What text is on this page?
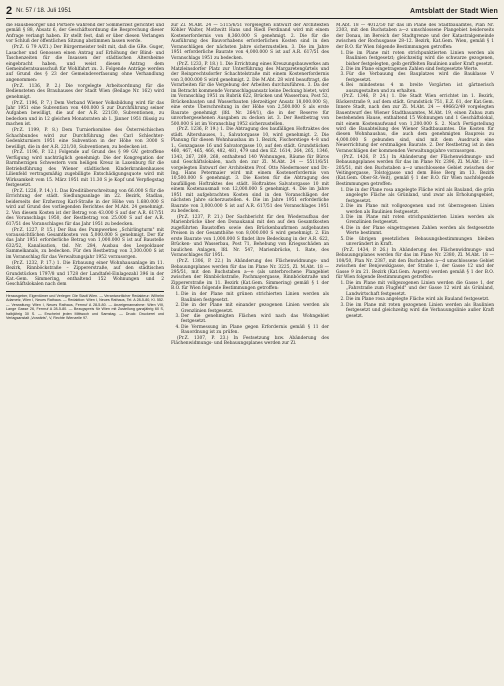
2 Nr. 57 / 18. Juli 1951	Amtsblatt der Stadt Wien

die Hausbesorger und Portiere während der Sommerzeit gerichtet und gemäß § 88, Absatz 6, der Geschäftsordnung die Besprechung dieser Anfrage verlangt haben. Er stellt fest, daß er über diesen Verlangen vor Schluß der öffentlichen Sitzung abstimmen lassen werde.

(Pr.Z. G 79 A/Z1.) Der Bürgermeister teilt mit, daß die GRe. Guger, Lasacher und Genossen einen Antrag auf Erhöhung der Blind- und Taschenzeiten für die Insassen der städtischen Altersheime eingebracht haben, und weist diesen Antrag dem Gemeinderatsausschuß für Wohlfahrt zu. 3. Folgende Anträge werden auf Grund des § 23 der Gemeindeverfassung ohne Verhandlung angenommen:

(Pr.Z. 1136, P. 2.) Die vorgelegte Arbeitsordnung für die Bediensteten des Brauhauses der Stadt Wien (Beilage Nr. 162) wird genehmigt.

(Pr.Z. 1196, P. 7.) Dem Verband Wiener Volksbildung wird für das Jahr 1951 eine Subvention von 400.000 S zur Durchführung seiner Aufgaben bewilligt, die auf der A.R. 221/30, Subventionen, zu bedecken und in 12 gleichen Monatsraten ab 1. Jänner 1951 flüssig zu machen ist.

(Pr.Z. 1199, P. 8.) Dem Turnierkomitee des Österreichischen Schachbundes wird zur Durchführung des Carl Schlechter-Gedenkturniers 1951 eine Subvention in der Höhe von 3000 S bewilligt, die in der A.R. 221/30, Subventionen, zu bedecken ist.

(Pr.Z. 1196, P. 12.) Folgende auf Grund des § 99 GV. getroffene Verfügung wird nachträglich genehmigt: Die der Kongregation der Barmherzigen Schwestern vom heiligen Kreuz in Laxenburg für die Betriebsführung des Wiener städtischen Kinderkrankenhauses Lilienfeld vertragsmäßig zugebilligte Entschädigungsquote wird mit Wirksamkeit vom 15. März 1951 mit 11.30 S je Kopf und Verpflegstag festgesetzt.

(Pr.Z. 1226, P. 14.) 1. Das Kreditüberschreitung von 66.000 S für die Errichtung der städt. Siedlungsanlage im 22. Bezirk, Stadlau, beiderseits der Erzherzog Karl-Straße in der Höhe von 1.680.000 S wird auf Grund des vorliegenden Berichtes der M.Abt. 24 genehmigt. 2. Von diesem Kosten ist der Betrag von 43.000 S auf der A.R. 617/51 des Voranschlags 1950, der Restbetrag von 25.000 S auf der A.R. 617/51 des Voranschlages für das Jahr 1951 zu bedecken.

(Pr.Z. 1227, P. 15.) Der Bau des Pumpwerkes „Schirlingturm" mit voraussichtlichen Gesamtkosten von 5,000.000 S genehmigt. Der für das Jahr 1951 erforderliche Betrag von 1,000.000 S ist auf Baustelle 632/52, Kanalisation, tlsl. Nr. 284, Ausbau des Leopoldauer Sammelkanals, zu bedecken. Für den Restbetrag von 3,300.000 S ist im Voranschlag für das Verwaltungsjahr 1952 vorzusorgen.

(Pr.Z. 1232, P. 17.) 1. Die Erbauung einer Wohnhausanlage im 11. Bezirk, Rinnböckstraße – Zippererstraße, auf den städtischen Grundstücken 1797/8 und 1728 der Landtafel-Einlagezahl 396 in der Kat.-Gem. Simmering, enthaltend 152 Wohnungen und 2 Geschäftslokalen nach dem

Herausgeber, Eigentümer und Verleger: Die Stadt Wien. — Verantwortlicher Redakteur: Wilhelm Adametz, Wien I, Neues Rathaus. — Redaktion: Wien I, Neues Rathaus, Tel. A 28-5-80, Kl. 552. — Verwaltung: Wien I, Neues Rathaus, Fernruf A 28-5-80. — Anzeigenannahme: Wien VIII, Lange Gasse 26, Fernruf A 28-5-80. — Bezugspreis für Wien mit Zustellung ganzjährig 60 S, halbjährig 30 S. — Erscheint jeden Mittwoch und Samstag. — Druck: Druckerei und Verlagsanstalt „Vorwärts", V, Rechte Wienzeile 97.

zur Zl. M.Abt. 24 — 5115/6/51 vorgelegten Entwurf der Architekten Köhler Walter, Mothwitt Hans und Riedl Ferdinand wird mit einem Kostenerfordernis von 8,360.000 S genehmigt. 2. Die für die Ausführung des Bauvorhabens erforderlichen Kosten sind in den Voranschlägen der nächsten Jahre sicherzustellen. 3. Die im Jahre 1951 erforderliche Baurate von 4,000.000 S ist auf A.R. 617/51 des Voranschlags 1951 zu bedecken.

(Pr.Z. 1233, P. 18.) 1. Die Errichtung eines Kreuzungsbauwerkes am Matzleinsdorfer Platz zur Unterführung des Margaretengürtels und der Reinprechtsdorfer Schachtelstraße mit einem Kostenerfordernis von 3,000.000 S wird genehmigt. 2. Die M.Abt. 28 wird beauftragt, die Vorarbeiten für die Vergebung der Arbeiten durchzuführen. 3. Da der im Betracht kommende Voranschlagsansatz keine Deckung bietet, wird im Voranschlag 1951 zu Rubrik 622, Brücken und Wasserbau, Post 52, Brückenbauten und Wasserbauten (derzeitiger Ansatz 18,000.000 S), eine erste Überschreitung in der Höhe von 2,500.000 S als erste Baurate genehmigt (lfd. Nr. 264/1), die in der Reserve für unvorhergesehenen Ausgaben zu decken ist. 3. Der Restbetrag von 500.000 S ist im Voranschlag 1952 sicherzustellen.

(Pr.Z. 1236, P. 19.) 1. Die Abtragung des baufälligen Hoftraktes des städt. Altershauses, 1., Salvatorgasse 10, wird genehmigt. 2. Die Planung für diesen Wohnhausbau im 1. Bezirk, Fischerstiege 4–8 und 1., Gonzagasse 16 und Salvatorgasse 10, auf den städt. Grundstücken 460, 467, 465, 466, 482, 481, 479 und den EZ. 1614, 264, 265, 1346, 1343, 267, 269, 268, enthaltend 140 Wohnungen, Räume für Büros und Geschäftslokalen, nach den zur Zl. M.Abt. 24 — 5511/6/51 vorgelegten Entwurf der Architekten Prof. Otto Niedermoser und Dr.-Ing. Hans Petermaier wird mit einem Kostenerfordernis von 10,500.000 S genehmigt. 3. Die Kosten für die Abtragung des baufälligen Hoftraktes des städt. Hoftraktes Salvatorgasse 10 mit einem Kostenausmaß von 12,000.000 S genehmigt. 4. Die im Jahre 1951 mit aufgebrachten Kosten sind in den Voranschlägen der nächsten Jahre sicherzustellen. 4. Die im Jahre 1951 erforderliche Baurate von 3,000.000 S ist auf A.R. 617/51 des Voranschlages 1951 zu bedecken.

(Pr.Z. 1237, P. 21.) Der Sachbericht für den Wiederaufbau der Marienbrücke über den Donaukanal mit den auf den Gesamtkosten zugeführten Baustoffen sowie den Brückenbaufirmen aufgebauten Preisen in der Gesamthöhe von 8,000.000 S wird genehmigt. 2. Ein erste Baurate von 1,000.000 S findet ihre Bedeckung in der A.R. 622, Brücken- und Wasserbau, Post 71, Behebung von Kriegsschäden an baulichen Anlagen, lfd. Nr. 547, Marienbrücke, 1. Rate, des Voranschlages für 1951.

(Pr.Z. 1306, P. 22.) In Abänderung des Flächenwidmungs- und Bebauungsplanes werden für das im Plane Nr. 3225, Zl. M.Abt. 18 — 295/51, mit den Buchstaben a—e (als unterbrochene Plangebiet zwischen der Rinnböckstraße, Pachmayergasse, Rinnböckstraße und Zippererstraße im 11. Bezirk (Kat.Gem. Simmering) gemäß § 1 der B.O. für Wien folgende Bestimmungen getroffen:

1. Die in der Plane mit grünen strichierten Linien werden als Baulinien festgesetzt.
2. Die in der Plane mit einander gezogenen Linien werden als Grenzlinien festgesetzt.
3. Der die genehmigten Flächen wird nach das Wohngebiet festgesetzt.
4. Die Vermessung im Plane gegen Erfordernis gemäß § 11 der Bauordnung ist zu prüfen.

(Pr.Z. 1307, P. 23.) In Festsetzung bzw. Abänderung des Flächenwidmungs- und Bebauungsplanes werden zur Zl.

M.Abt. 18 — 4012/50 für das im Plane des Stadtbauamtes, Plan Nr. 2303, mit den Buchstaben a—z umschlossene Plangebiet beiderseits der Donau, im Bereich der Stadtgrenze und der Katastralgemeinde zwischen der Rochusgasse 28–12. Bezirk, Kat.Gem. Wien, gemäß § 1 der B.O. für Wien folgende Bestimmungen getroffen:

1. Die im Plane mit roten strichpunktierten Linien werden als Baulinien festgesetzt; gleichzeitig wird die schwarze gezogenen, bisher festgelegten, gelb geriffelten Baulinien außer Kraft gesetzt.
2. Die im Plane eingetragenen Zahlen sind festgesetzte Werte.
3. Für die Verbauung des Bauplatzes wird die Bauklasse V festgesetzt.
4. Bei mindestens 4 m breite Vorgärten ist gärtnerisch auszugestalten und zu erhalten.

(Pr.Z. 1346, P. 24.) 1. Die Stadt Wien errichtet im 1. Bezirk, Bäckerstraße 9, auf dem städt. Grundstück 751, E.Z. 61, der Kat.Gem. Innere Stadt, nach den zur Zl. M.Abt. 24 — 4966/2/49 vorgelegten Bauentwurf des Wiener Stadtbauamtes, M.Abt. 19, einen Zubau zum bestehenden Hause, enthaltend 15 Wohnungen und 1 Geschäftslokal, mit einem Kostenaufwand von 1,200.000 S. 2. Nach Fertigstellung wird die Bauabteilung des Wiener Stadtbauamtes. Die Kosten für diesen Wohnhausbau, die auch dem genehmigten Baupreis zu 4,000.000 S gebunden sind, sind mit dem Ausdruck eine Neuerrichtung der erstmaligen Baurate. 2. Der Restbetrag ist in den Voranschlägen der kommenden Verwaltungsjahre vorzusorgen.

(Pr.Z. 1426, P. 25.) In Abänderung der Flächenwidmungs- und Bebauungsplanes werden für das im Plane Nr. 2396, Zl. M.Abt. 18 — 205/51, mit den Buchstaben a—z umschlossene Gebiet zwischen der Veitingergasse, Tolstojgasse und dem Böse Berg im 13. Bezirk (Kat.Gem. Ober-St.-Veit), gemäß § 1 der B.O. für Wien nachfolgende Bestimmungen getroffen:

1. Die in der Plane rosa angelegte Fläche wird als Bauland, die grün angelegte Fläche als Grünland, und zwar als Erholungsgebiet, festgesetzt.
2. Die im Plane mit vollgezogenen und rot überzogenen Linien werden als Baulinien festgesetzt.
3. Die im Plane mit roten strichpunktierten Linien werden als Grenzlinien festgesetzt.
4. Die in der Plane eingetragenen Zahlen werden als festgesetzte Werte bestimmt.
5. Die übrigen gesetzlichen Bebauungsbestimmungen bleiben unverändert in Kraft.

(Pr.Z. 1434, P. 26.) In Abänderung des Flächenwidmungs- und Bebauungsplanes werden für das im Plane Nr. 2380, Zl. M.Abt. 18 — 108/50, Plan Nr. 2387, mit den Buchstaben a—d umschlossene Gebiet zwischen der Benjowskigasse, der Straße 1, der Gasse 12 und der Gasse 9 im 21. Bezirk (Kat.Gem. Aspern) werden gemäß § 1 der B.O. für Wien folgende Bestimmungen getroffen:

1. Die im Plane mit vollgezogenen Linien werden die Gasse 1, der „Fahrstraße zum Flugfeld" und der Gasse 12 wird als Grünland, Landwirtschaft festgesetzt.
2. Die im Plane rosa angelegte Fläche wird als Bauland festgesetzt.
3. Die im Plane mit roten gezogenen Linien werden als Baulinien festgesetzt und gleichzeitig wird die Verbauungslinie außer Kraft gesetzt.
